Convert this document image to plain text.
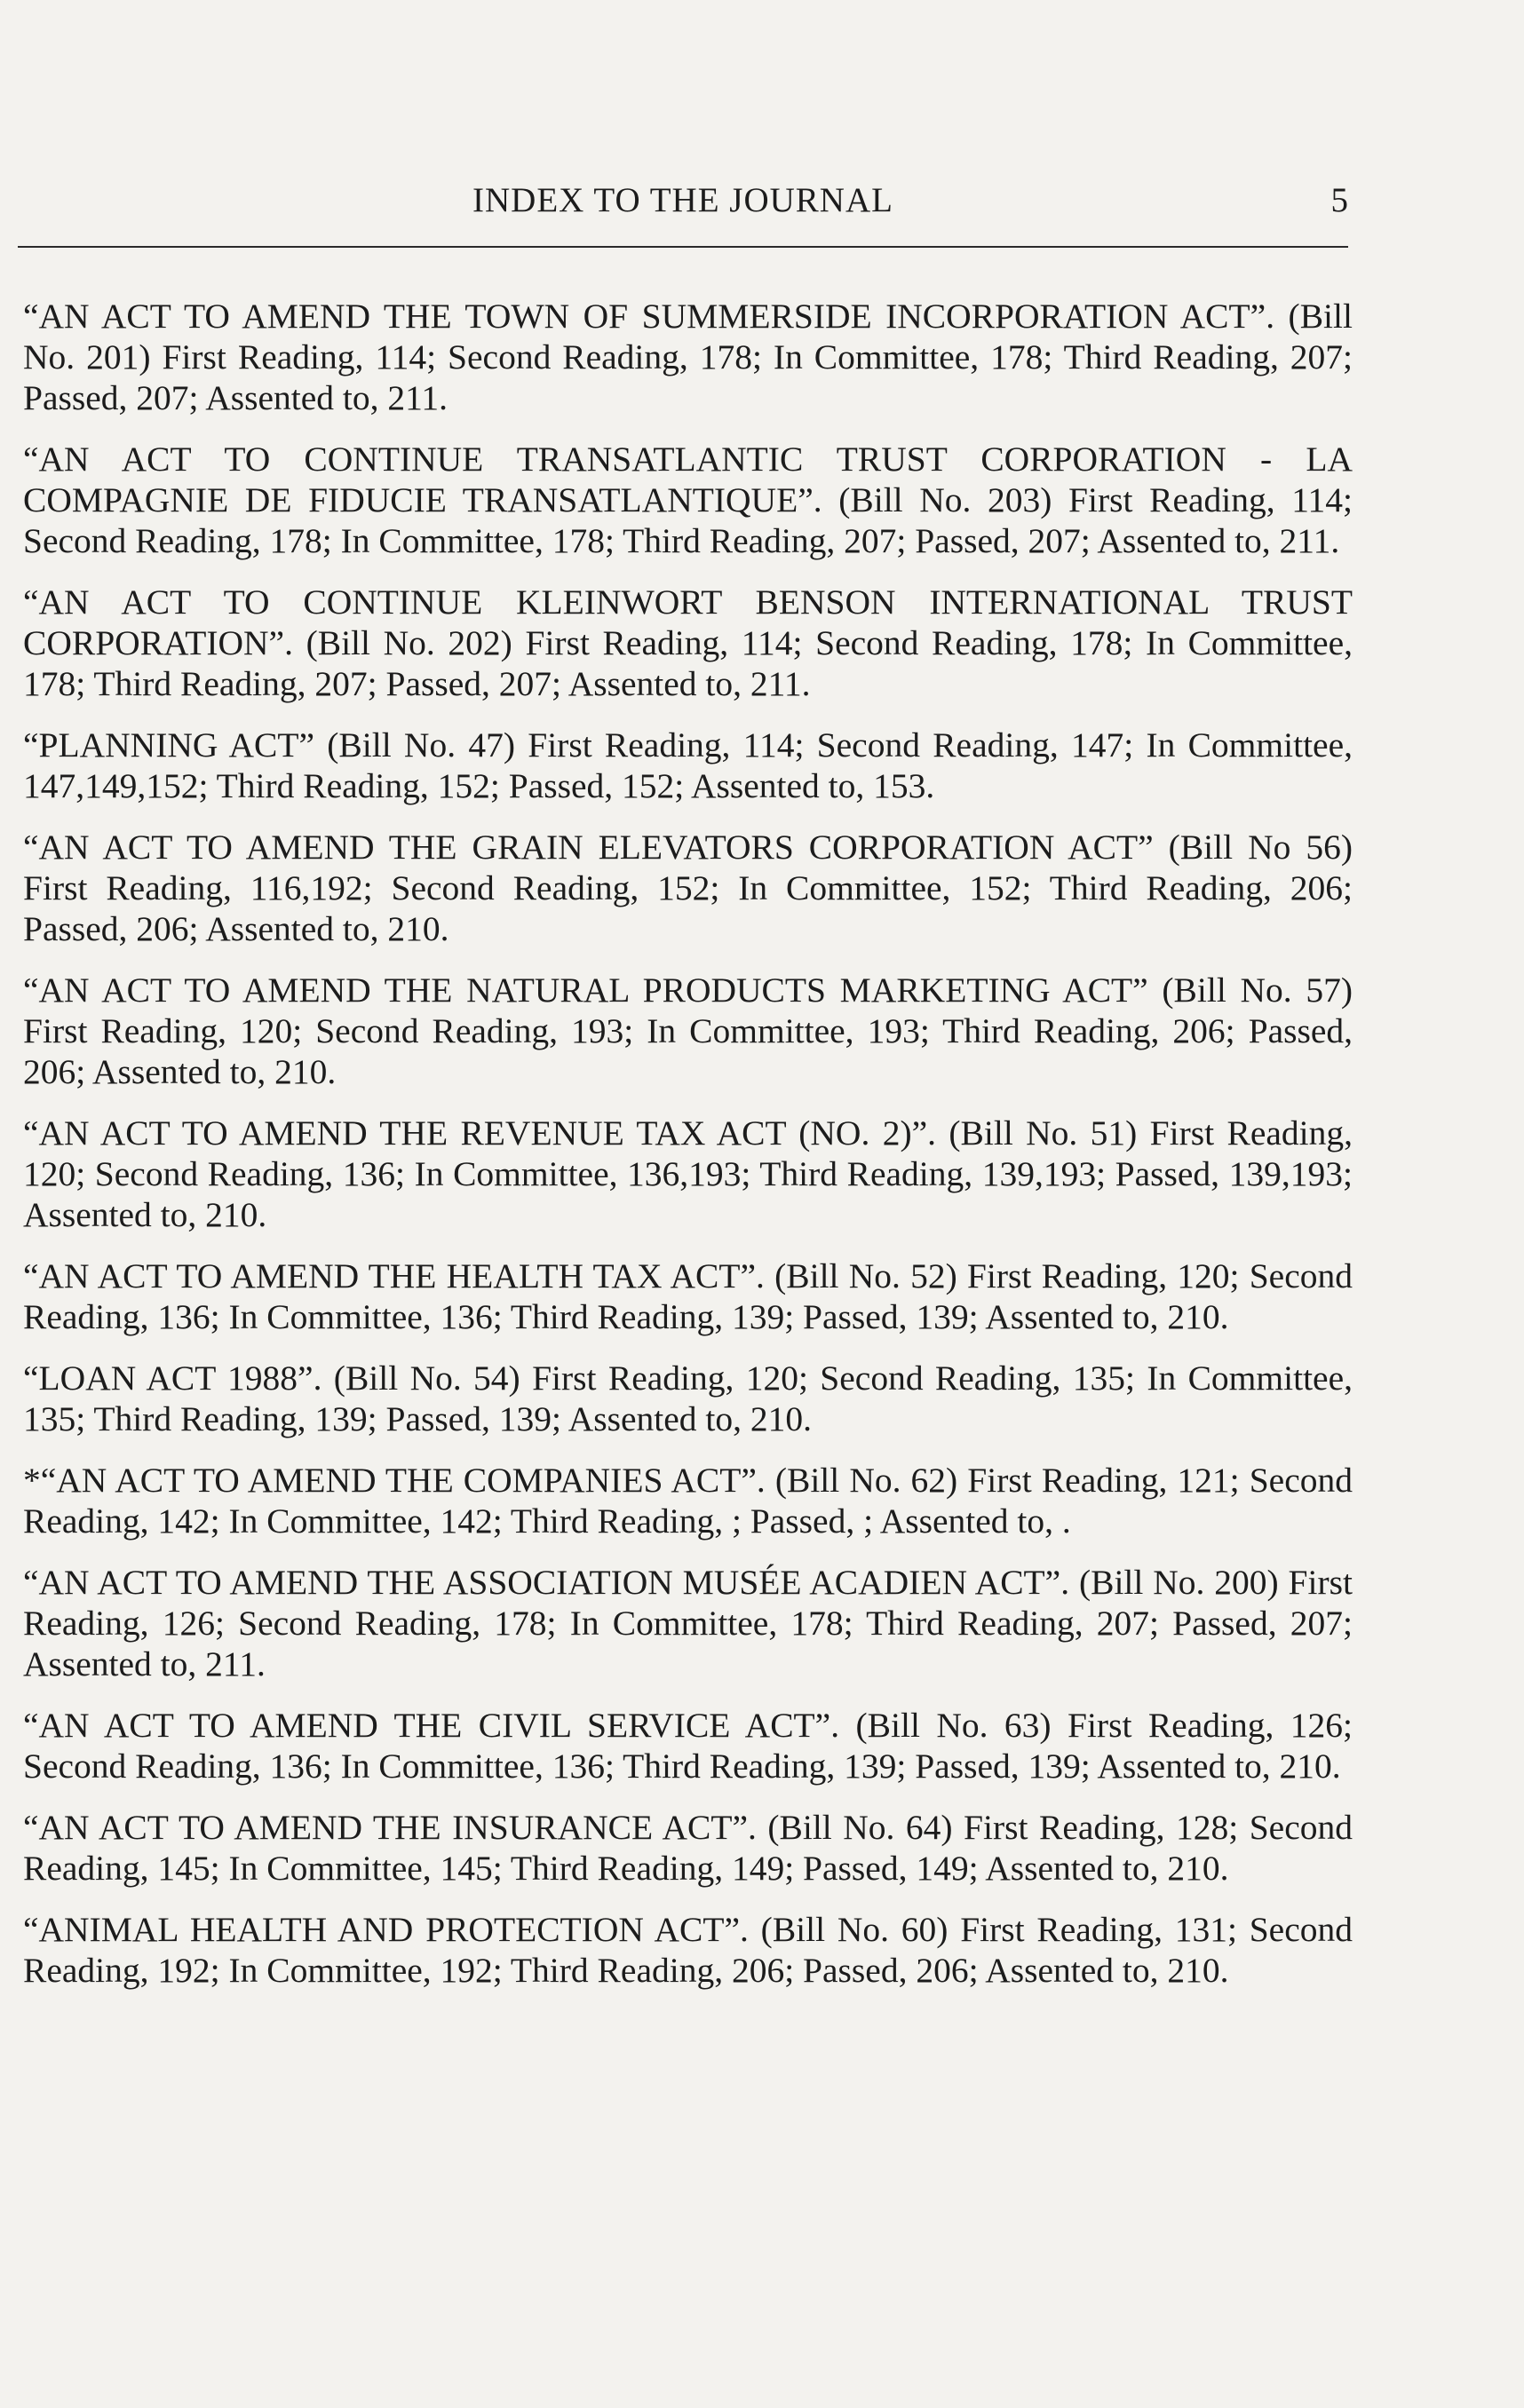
INDEX TO THE JOURNAL	5

“AN ACT TO AMEND THE TOWN OF SUMMERSIDE INCORPORATION ACT”. (Bill No. 201) First Reading, 114; Second Reading, 178; In Committee, 178; Third Reading, 207; Passed, 207; Assented to, 211.

“AN ACT TO CONTINUE TRANSATLANTIC TRUST CORPORATION - LA COMPAGNIE DE FIDUCIE TRANSATLANTIQUE”. (Bill No. 203) First Reading, 114; Second Reading, 178; In Committee, 178; Third Reading, 207; Passed, 207; Assented to, 211.

“AN ACT TO CONTINUE KLEINWORT BENSON INTERNATIONAL TRUST CORPORATION”. (Bill No. 202) First Reading, 114; Second Reading, 178; In Committee, 178; Third Reading, 207; Passed, 207; Assented to, 211.

“PLANNING ACT” (Bill No. 47) First Reading, 114; Second Reading, 147; In Committee, 147,149,152; Third Reading, 152; Passed, 152; Assented to, 153.

“AN ACT TO AMEND THE GRAIN ELEVATORS CORPORATION ACT” (Bill No 56) First Reading, 116,192; Second Reading, 152; In Committee, 152; Third Reading, 206; Passed, 206; Assented to, 210.

“AN ACT TO AMEND THE NATURAL PRODUCTS MARKETING ACT” (Bill No. 57) First Reading, 120; Second Reading, 193; In Committee, 193; Third Reading, 206; Passed, 206; Assented to, 210.

“AN ACT TO AMEND THE REVENUE TAX ACT (NO. 2)”. (Bill No. 51) First Reading, 120; Second Reading, 136; In Committee, 136,193; Third Reading, 139,193; Passed, 139,193; Assented to, 210.

“AN ACT TO AMEND THE HEALTH TAX ACT”. (Bill No. 52) First Reading, 120; Second Reading, 136; In Committee, 136; Third Reading, 139; Passed, 139; Assented to, 210.

“LOAN ACT 1988”. (Bill No. 54) First Reading, 120; Second Reading, 135; In Committee, 135; Third Reading, 139; Passed, 139; Assented to, 210.

*“AN ACT TO AMEND THE COMPANIES ACT”. (Bill No. 62) First Reading, 121; Second Reading, 142; In Committee, 142; Third Reading, ; Passed, ; Assented to, .

“AN ACT TO AMEND THE ASSOCIATION MUSÉE ACADIEN ACT”. (Bill No. 200) First Reading, 126; Second Reading, 178; In Committee, 178; Third Reading, 207; Passed, 207; Assented to, 211.

“AN ACT TO AMEND THE CIVIL SERVICE ACT”. (Bill No. 63) First Reading, 126; Second Reading, 136; In Committee, 136; Third Reading, 139; Passed, 139; Assented to, 210.

“AN ACT TO AMEND THE INSURANCE ACT”. (Bill No. 64) First Reading, 128; Second Reading, 145; In Committee, 145; Third Reading, 149; Passed, 149; Assented to, 210.

“ANIMAL HEALTH AND PROTECTION ACT”. (Bill No. 60) First Reading, 131; Second Reading, 192; In Committee, 192; Third Reading, 206; Passed, 206; Assented to, 210.
